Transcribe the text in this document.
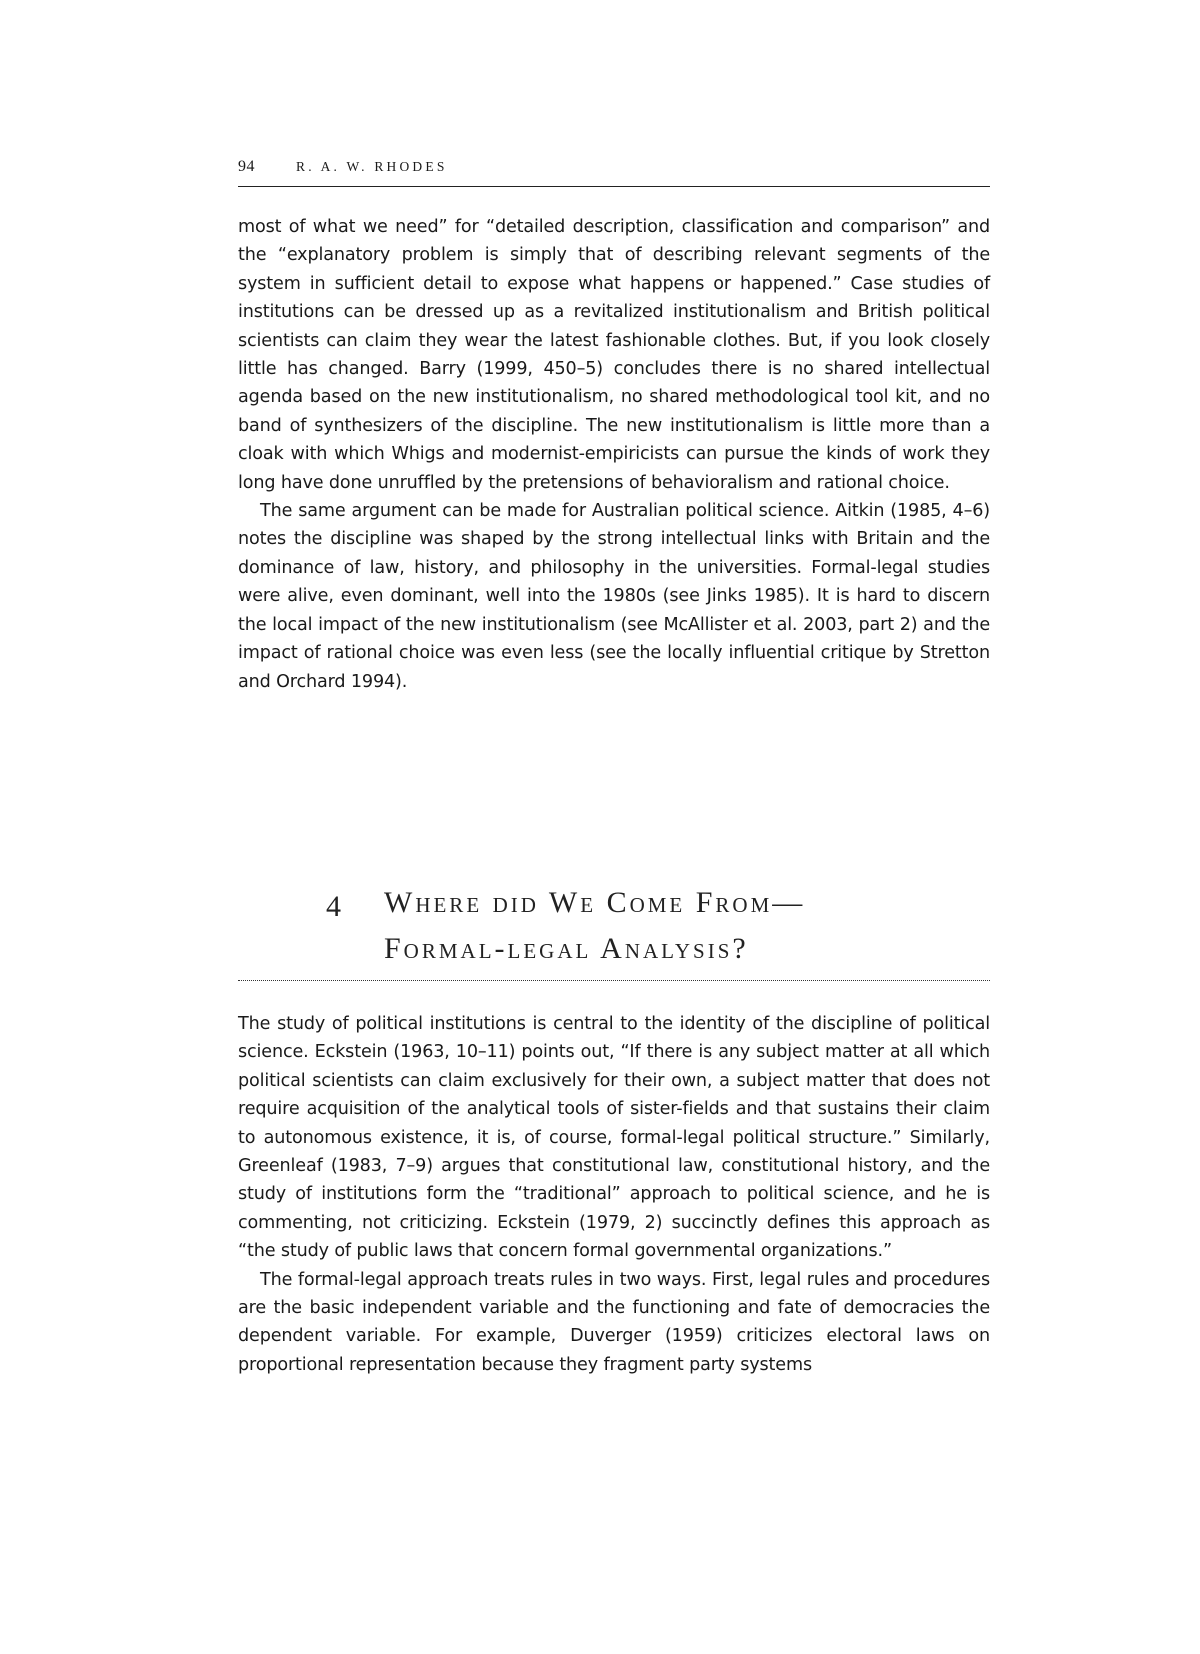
94	R. A. W. RHODES

most of what we need” for “detailed description, classification and comparison” and the “explanatory problem is simply that of describing relevant segments of the system in sufficient detail to expose what happens or happened.” Case studies of institutions can be dressed up as a revitalized institutionalism and British political scientists can claim they wear the latest fashionable clothes. But, if you look closely little has changed. Barry (1999, 450–5) concludes there is no shared intellectual agenda based on the new institutionalism, no shared methodological tool kit, and no band of synthesizers of the discipline. The new institutionalism is little more than a cloak with which Whigs and modernist-empiricists can pursue the kinds of work they long have done unruffled by the pretensions of behavioralism and rational choice.

The same argument can be made for Australian political science. Aitkin (1985, 4–6) notes the discipline was shaped by the strong intellectual links with Britain and the dominance of law, history, and philosophy in the universities. Formal-legal studies were alive, even dominant, well into the 1980s (see Jinks 1985). It is hard to discern the local impact of the new institutionalism (see McAllister et al. 2003, part 2) and the impact of rational choice was even less (see the locally influential critique by Stretton and Orchard 1994).

4 Where did We Come From—
Formal-legal Analysis?

The study of political institutions is central to the identity of the discipline of political science. Eckstein (1963, 10–11) points out, “If there is any subject matter at all which political scientists can claim exclusively for their own, a subject matter that does not require acquisition of the analytical tools of sister-fields and that sustains their claim to autonomous existence, it is, of course, formal-legal political structure.” Similarly, Greenleaf (1983, 7–9) argues that constitutional law, constitutional history, and the study of institutions form the “traditional” approach to political science, and he is commenting, not criticizing. Eckstein (1979, 2) succinctly defines this approach as “the study of public laws that concern formal governmental organizations.”

The formal-legal approach treats rules in two ways. First, legal rules and procedures are the basic independent variable and the functioning and fate of democracies the dependent variable. For example, Duverger (1959) criticizes electoral laws on proportional representation because they fragment party systems
